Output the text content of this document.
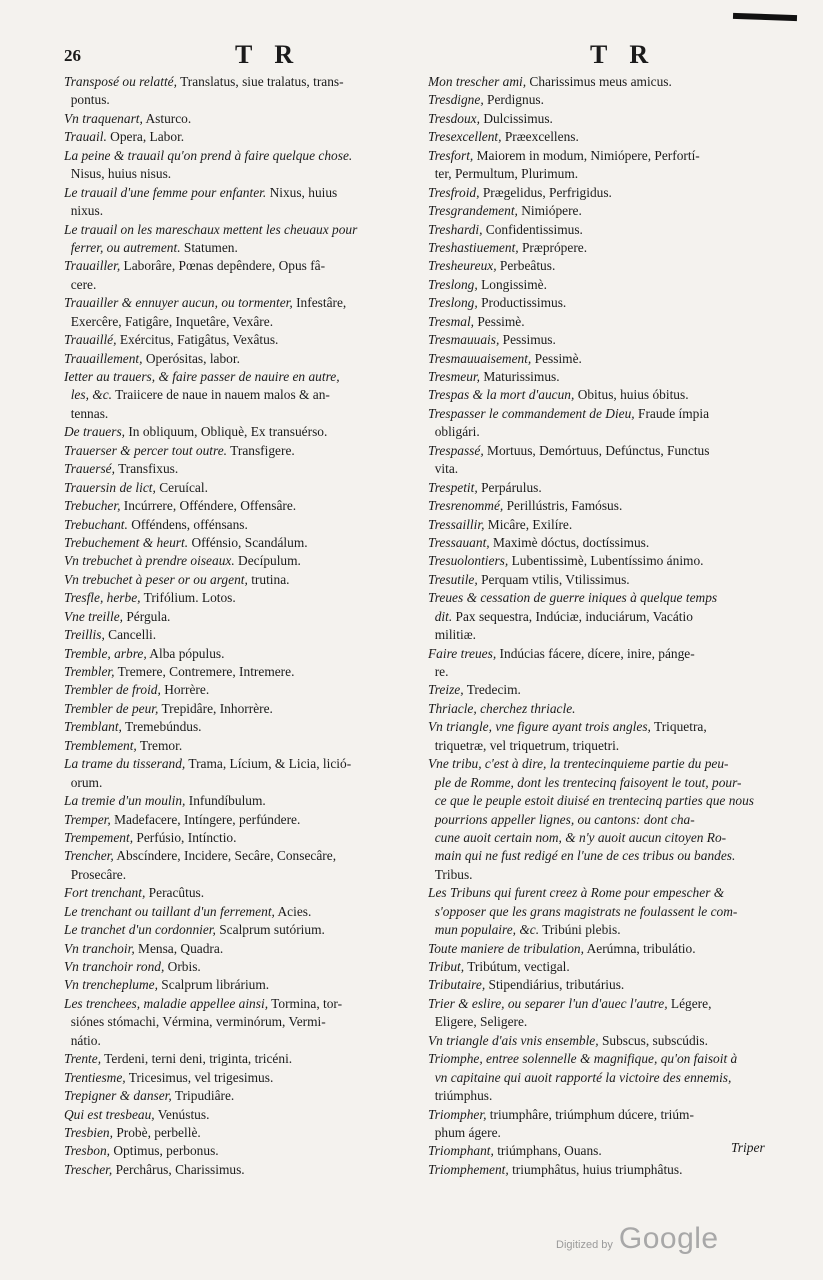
26	T R	T R
Transposé ou relatté, Translatus, siue tralatus, trans-
pontus.
Vn traquenart, Asturco.
Trauail. Opera, Labor.
La peine & trauail qu'on prend à faire quelque chose.
Nisus, huius nisus.
Le trauail d'une femme pour enfanter. Nixus, huius
nixus.
Le trauail on les mareschaux mettent les cheuaux pour
ferrer, ou autrement. Statumen.
Trauailler, Laborâre, Pœnas depêndere, Opus fâ-
cere.
Trauailler & ennuyer aucun, ou tormenter, Infestâre,
Exercêre, Fatigâre, Inquetâre, Vexâre.
Trauaillé, Exércitus, Fatigâtus, Vexâtus.
Trauaillement, Operósitas, labor.
Ietter au trauers, & faire passer de nauire en autre,
les, &c. Traiicere de naue in nauem malos & an-
tennas.
De trauers, In obliquum, Obliquè, Ex transuérso.
Trauerser & percer tout outre. Transfigere.
Trauersé, Transfixus.
Trauersin de lict, Ceruícal.
Trebucher, Incúrrere, Offéndere, Offensâre.
Trebuchant. Offéndens, offénsans.
Trebuchement & heurt. Offénsio, Scandálum.
Vn trebuchet à prendre oiseaux. Decípulum.
Vn trebuchet à peser or ou argent, trutina.
Tresfle, herbe, Trifólium. Lotos.
Vne treille, Pérgula.
Treillis, Cancelli.
Tremble, arbre, Alba pópulus.
Trembler, Tremere, Contremere, Intremere.
Trembler de froid, Horrère.
Trembler de peur, Trepidâre, Inhorrère.
Tremblant, Tremebúndus.
Tremblement, Tremor.
La trame du tisserand, Trama, Lícium, & Licia, lició-
orum.
La tremie d'un moulin, Infundíbulum.
Tremper, Madefacere, Intíngere, perfúndere.
Trempement, Perfúsio, Intínctio.
Trencher, Abscíndere, Incidere, Secâre, Consecâre,
Prosecâre.
Fort trenchant, Peracûtus.
Le trenchant ou taillant d'un ferrement, Acies.
Le tranchet d'un cordonnier, Scalprum sutórium.
Vn tranchoir, Mensa, Quadra.
Vn tranchoir rond, Orbis.
Vn trencheplume, Scalprum librárium.
Les trenchees, maladie appellee ainsi, Tormina, tor-
siónes stómachi, Vérmina, verminórum, Vermi-
nátio.
Trente, Terdeni, terni deni, triginta, tricéni.
Trentiesme, Tricesimus, vel trigesimus.
Trepigner & danser, Tripudiâre.
Qui est tresbeau, Venústus.
Tresbien, Probè, perbellè.
Tresbon, Optimus, perbonus.
Trescher, Perchârus, Charissimus.
Mon trescher ami, Charissimus meus amicus.
Tresdigne, Perdignus.
Tresdoux, Dulcissimus.
Tresexcellent, Præexcellens.
Tresfort, Maiorem in modum, Nimiópere, Perfortí-
ter, Permultum, Plurimum.
Tresfroid, Prægelidus, Perfrigidus.
Tresgrandement, Nimiópere.
Treshardi, Confidentissimus.
Treshastiuement, Præprópere.
Tresheureux, Perbeâtus.
Treslong, Longissimè.
Treslong, Productissimus.
Tresmal, Pessimè.
Tresmauuais, Pessimus.
Tresmauuaisement, Pessimè.
Tresmeur, Maturissimus.
Trespas & la mort d'aucun, Obitus, huius óbitus.
Trespasser le commandement de Dieu, Fraude ímpia
obligári.
Trespassé, Mortuus, Demórtuus, Defúnctus, Functus
vita.
Trespetit, Perpárulus.
Tresrenommé, Perillústris, Famósus.
Tressaillir, Micâre, Exilíre.
Tressauant, Maximè dóctus, doctíssimus.
Tresuolontiers, Lubentissimè, Lubentíssimo ánimo.
Tresutile, Perquam vtilis, Vtilissimus.
Treues & cessation de guerre iniques à quelque temps
dit. Pax sequestra, Indúciæ, induciárum, Vacátio
militiæ.
Faire treues, Indúcias fácere, dícere, inire, pánge-
re.
Treize, Tredecim.
Thriacle, cherchez thriacle.
Vn triangle, vne figure ayant trois angles, Triquetra,
triquetræ, vel triquetrum, triquetri.
Vne tribu, c'est à dire, la trentecinquieme partie du peu-
ple de Romme, dont les trentecinq faisoyent le tout, pour-
ce que le peuple estoit diuisé en trentecinq parties que nous
pourrions appeller lignes, ou cantons: dont cha-
cune auoit certain nom, & n'y auoit aucun citoyen Ro-
main qui ne fust redigé en l'une de ces tribus ou bandes.
Tribus.
Les Tribuns qui furent creez à Rome pour empescher &
s'opposer que les grans magistrats ne foulassent le com-
mun populaire, &c. Tribúni plebis.
Toute maniere de tribulation, Aerúmna, tribulátio.
Tribut, Tribútum, vectigal.
Tributaire, Stipendiárius, tributárius.
Trier & eslire, ou separer l'un d'auec l'autre, Légere,
Eligere, Seligere.
Vn triangle d'ais vnis ensemble, Subscus, subscúdis.
Triomphe, entree solennelle & magnifique, qu'on faisoit à
vn capitaine qui auoit rapporté la victoire des ennemis,
triúmphus.
Triompher, triumphâre, triúmphum dúcere, triúm-
phum ágere.
Triomphant, triúmphans, Ouans.
Triomphement, triumphâtus, huius triumphâtus.
Triper
Digitized by Google
